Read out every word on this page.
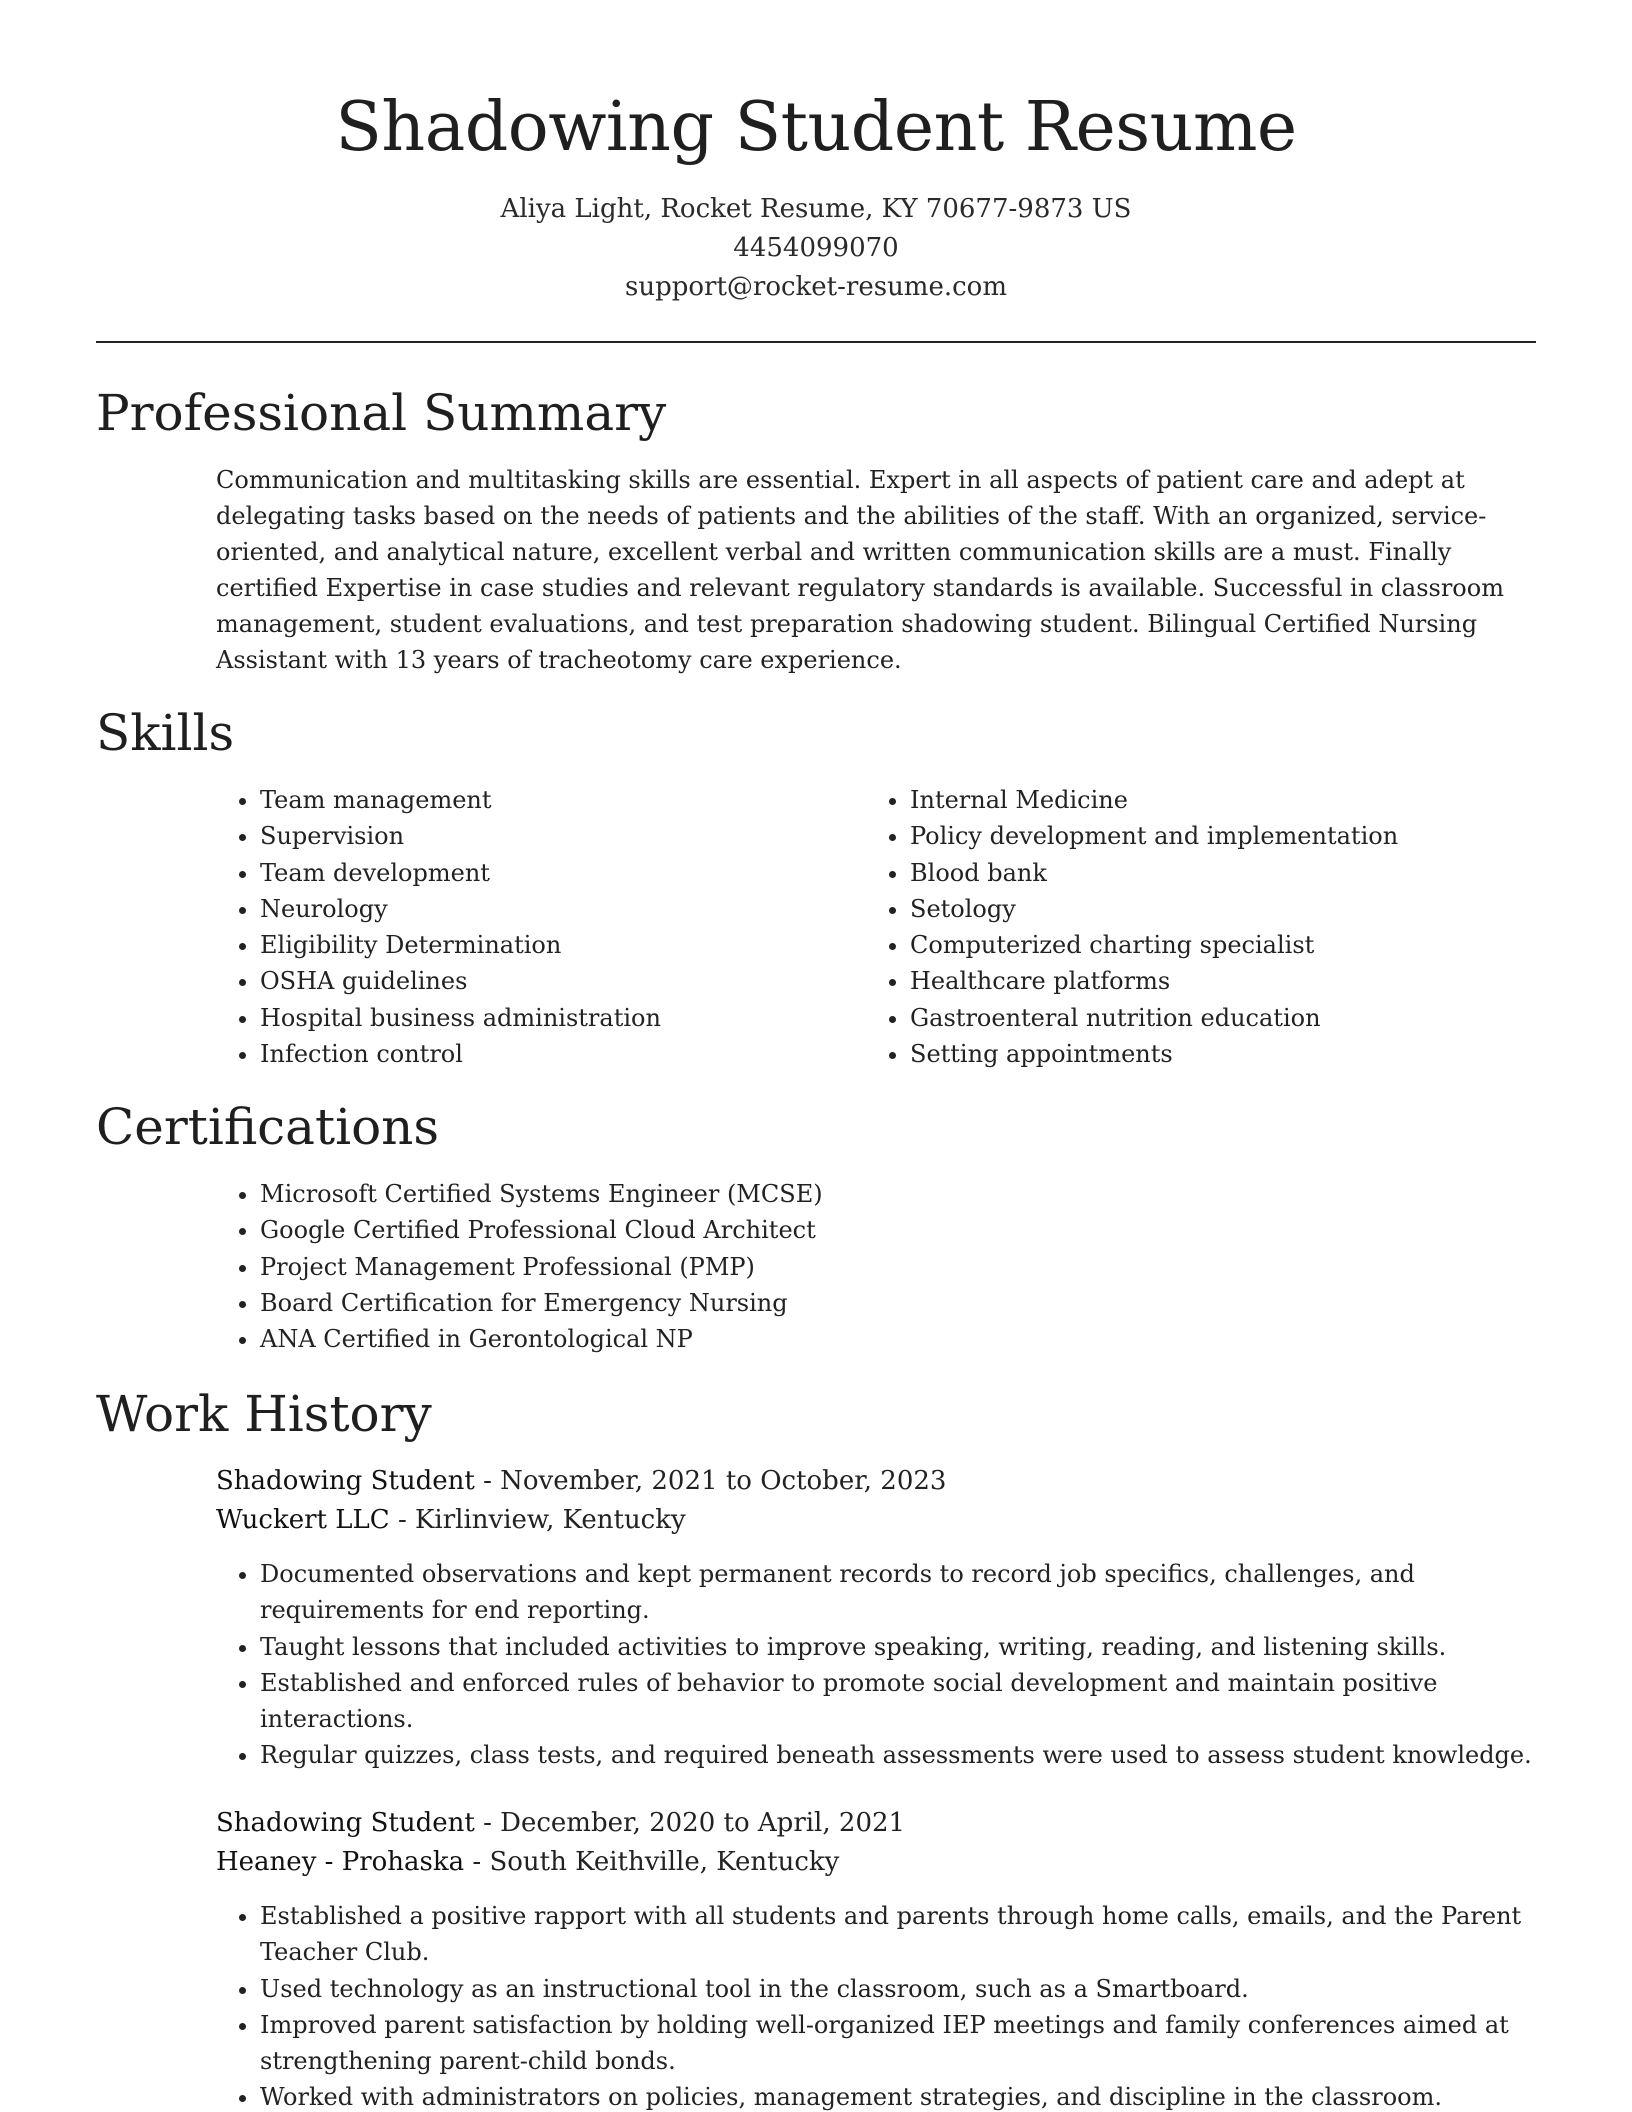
Shadowing Student Resume
Aliya Light, Rocket Resume, KY 70677-9873 US
4454099070
support@rocket-resume.com
Professional Summary

Communication and multitasking skills are essential. Expert in all aspects of patient care and adept at delegating tasks based on the needs of patients and the abilities of the staff. With an organized, service-oriented, and analytical nature, excellent verbal and written communication skills are a must. Finally certified Expertise in case studies and relevant regulatory standards is available. Successful in classroom management, student evaluations, and test preparation shadowing student. Bilingual Certified Nursing Assistant with 13 years of tracheotomy care experience.

Skills
• Team management
• Supervision
• Team development
• Neurology
• Eligibility Determination
• OSHA guidelines
• Hospital business administration
• Infection control
• Internal Medicine
• Policy development and implementation
• Blood bank
• Setology
• Computerized charting specialist
• Healthcare platforms
• Gastroenteral nutrition education
• Setting appointments
Certifications
• Microsoft Certified Systems Engineer (MCSE)
• Google Certified Professional Cloud Architect
• Project Management Professional (PMP)
• Board Certification for Emergency Nursing
• ANA Certified in Gerontological NP
Work History
Shadowing Student - November, 2021 to October, 2023
Wuckert LLC - Kirlinview, Kentucky
• Documented observations and kept permanent records to record job specifics, challenges, and requirements for end reporting.
• Taught lessons that included activities to improve speaking, writing, reading, and listening skills.
• Established and enforced rules of behavior to promote social development and maintain positive interactions.
• Regular quizzes, class tests, and required beneath assessments were used to assess student knowledge.
Shadowing Student - December, 2020 to April, 2021
Heaney - Prohaska - South Keithville, Kentucky
• Established a positive rapport with all students and parents through home calls, emails, and the Parent Teacher Club.
• Used technology as an instructional tool in the classroom, such as a Smartboard.
• Improved parent satisfaction by holding well-organized IEP meetings and family conferences aimed at strengthening parent-child bonds.
• Worked with administrators on policies, management strategies, and discipline in the classroom.
